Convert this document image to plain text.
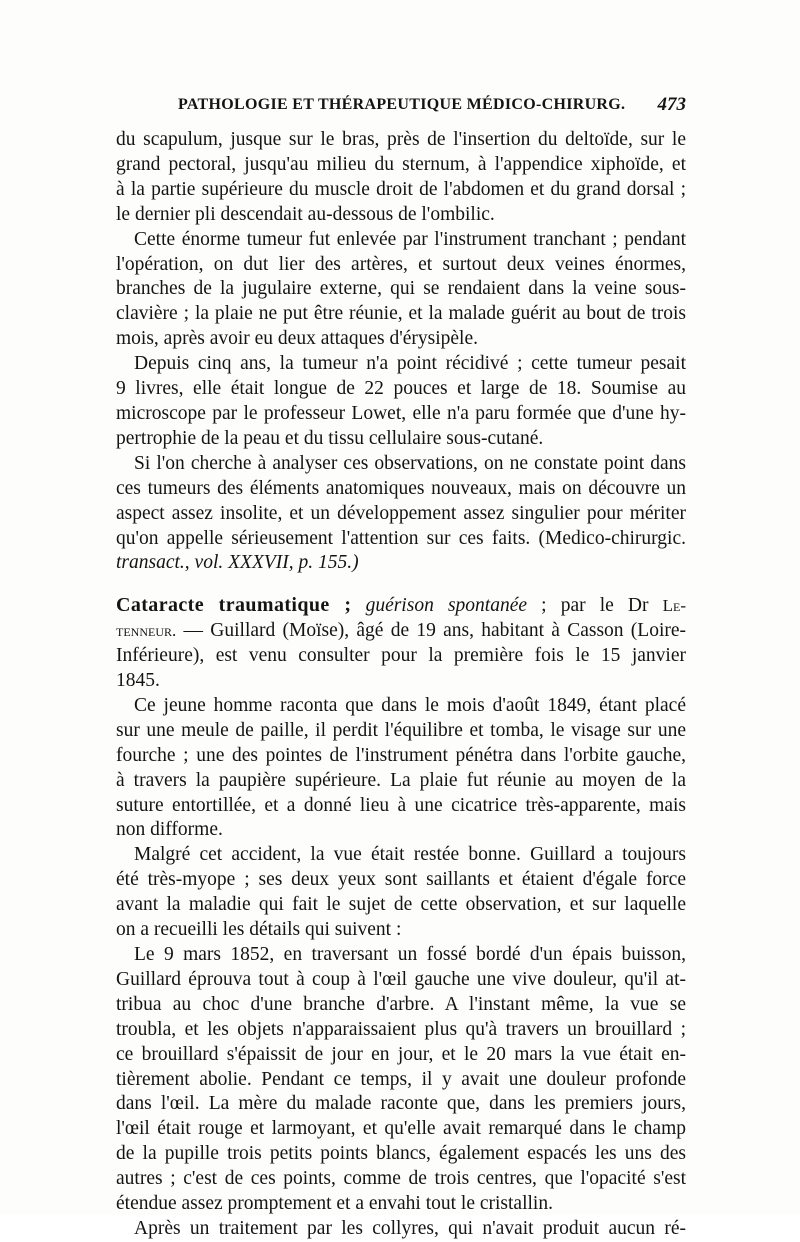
PATHOLOGIE ET THÉRAPEUTIQUE MÉDICO-CHIRURG. 473

du scapulum, jusque sur le bras, près de l'insertion du deltoïde, sur le
grand pectoral, jusqu'au milieu du sternum, à l'appendice xiphoïde, et
à la partie supérieure du muscle droit de l'abdomen et du grand dorsal ;
le dernier pli descendait au-dessous de l'ombilic.

Cette énorme tumeur fut enlevée par l'instrument tranchant ; pendant
l'opération, on dut lier des artères, et surtout deux veines énormes,
branches de la jugulaire externe, qui se rendaient dans la veine sous-
clavière ; la plaie ne put être réunie, et la malade guérit au bout de trois
mois, après avoir eu deux attaques d'érysipèle.

Depuis cinq ans, la tumeur n'a point récidivé ; cette tumeur pesait
9 livres, elle était longue de 22 pouces et large de 18. Soumise au
microscope par le professeur Lowet, elle n'a paru formée que d'une hy-
pertrophie de la peau et du tissu cellulaire sous-cutané.

Si l'on cherche à analyser ces observations, on ne constate point dans
ces tumeurs des éléments anatomiques nouveaux, mais on découvre un
aspect assez insolite, et un développement assez singulier pour mériter
qu'on appelle sérieusement l'attention sur ces faits. (Medico-chirurgic.
transact., vol. XXXVII, p. 155.)

Cataracte traumatique ; guérison spontanée ; par le Dr Le-
tenneur. — Guillard (Moïse), âgé de 19 ans, habitant à Casson (Loire-
Inférieure), est venu consulter pour la première fois le 15 janvier
1845.

Ce jeune homme raconta que dans le mois d'août 1849, étant placé
sur une meule de paille, il perdit l'équilibre et tomba, le visage sur une
fourche ; une des pointes de l'instrument pénétra dans l'orbite gauche,
à travers la paupière supérieure. La plaie fut réunie au moyen de la
suture entortillée, et a donné lieu à une cicatrice très-apparente, mais
non difforme.

Malgré cet accident, la vue était restée bonne. Guillard a toujours
été très-myope ; ses deux yeux sont saillants et étaient d'égale force
avant la maladie qui fait le sujet de cette observation, et sur laquelle
on a recueilli les détails qui suivent :

Le 9 mars 1852, en traversant un fossé bordé d'un épais buisson,
Guillard éprouva tout à coup à l'œil gauche une vive douleur, qu'il at-
tribua au choc d'une branche d'arbre. A l'instant même, la vue se
troubla, et les objets n'apparaissaient plus qu'à travers un brouillard ;
ce brouillard s'épaissit de jour en jour, et le 20 mars la vue était en-
tièrement abolie. Pendant ce temps, il y avait une douleur profonde
dans l'œil. La mère du malade raconte que, dans les premiers jours,
l'œil était rouge et larmoyant, et qu'elle avait remarqué dans le champ
de la pupille trois petits points blancs, également espacés les uns des
autres ; c'est de ces points, comme de trois centres, que l'opacité s'est
étendue assez promptement et a envahi tout le cristallin.

Après un traitement par les collyres, qui n'avait produit aucun ré-
